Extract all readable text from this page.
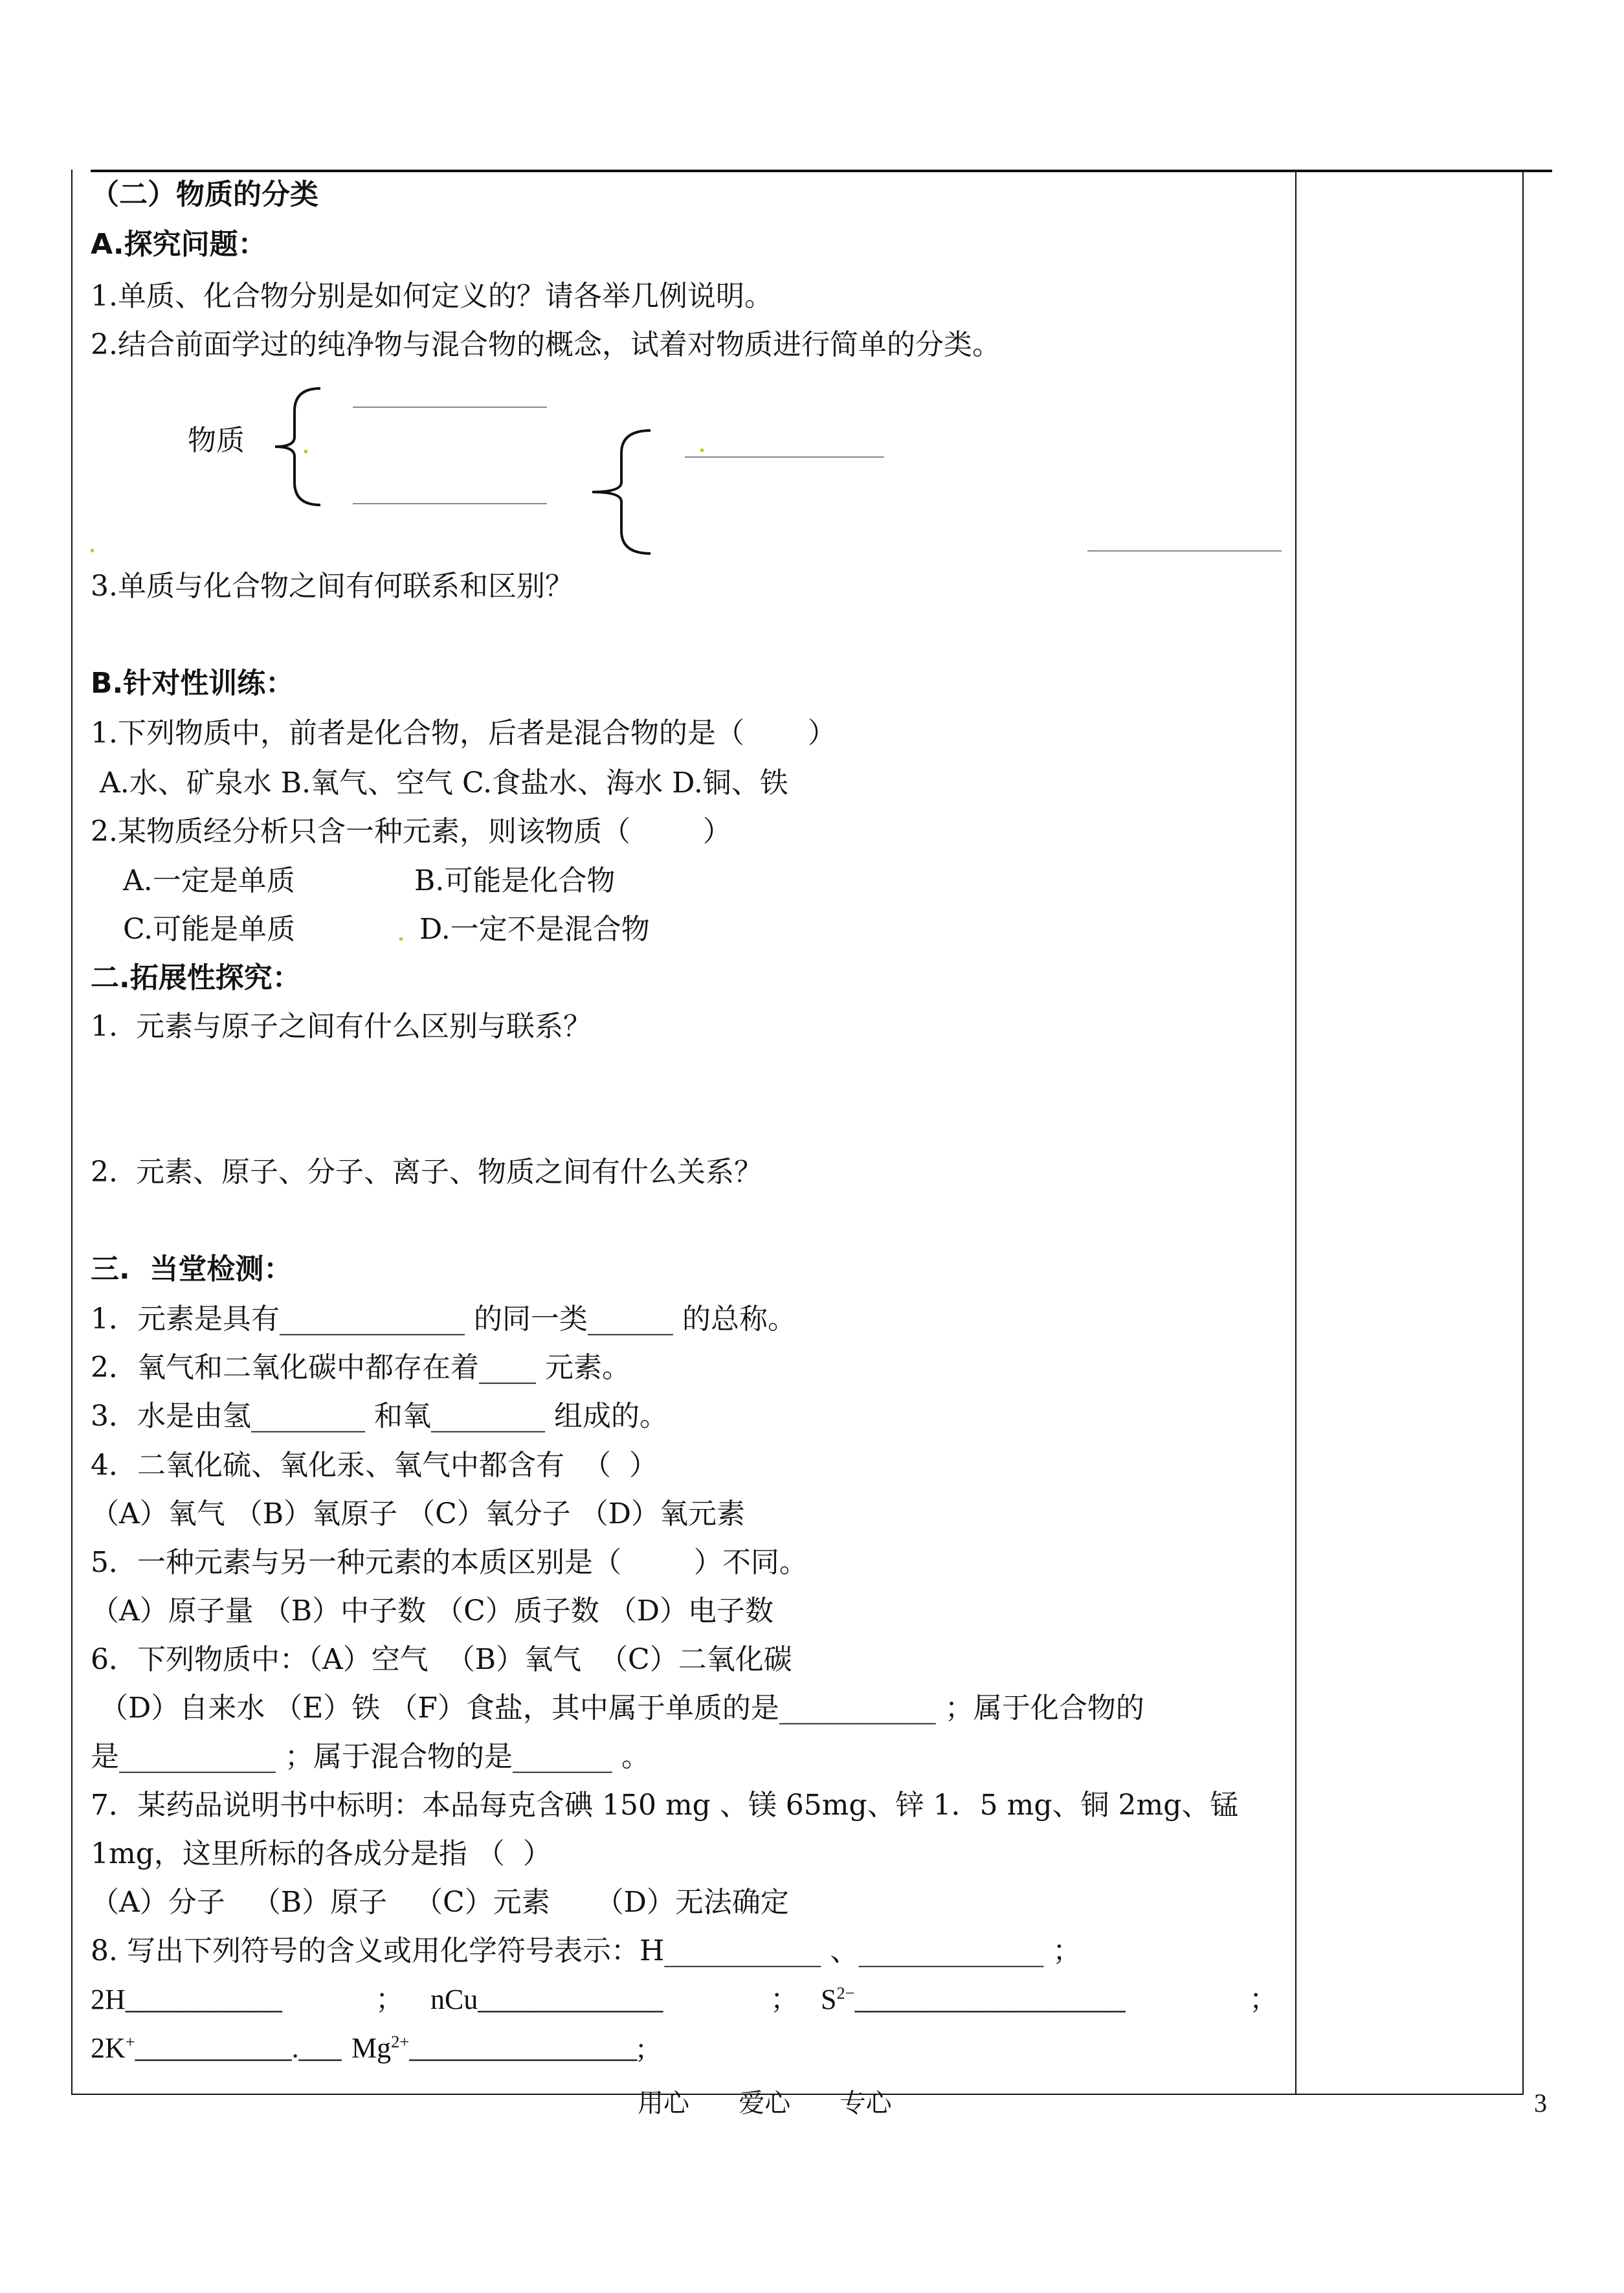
（二）物质的分类
A.探究问题：
1.单质、化合物分别是如何定义的？请各举几例说明。
2.结合前面学过的纯净物与混合物的概念，试着对物质进行简单的分类。
物质
3.单质与化合物之间有何联系和区别？
B.针对性训练：
1.下列物质中，前者是化合物，后者是混合物的是（       ）
A.水、矿泉水 B.氧气、空气 C.食盐水、海水 D.铜、铁
2.某物质经分析只含一种元素，则该物质（        ）
A.一定是单质	B.可能是化合物
C.可能是单质	D.一定不是混合物
二.拓展性探究：
1.  元素与原子之间有什么区别与联系？
2.  元素、原子、分子、离子、物质之间有什么关系？
三.  当堂检测：
1．元素是具有_____________ 的同一类______ 的总称。
2．氧气和二氧化碳中都存在着____ 元素。
3．水是由氢________ 和氧________ 组成的。
4．二氧化硫、氧化汞、氧气中都含有  （  ）
（A）氧气 （B）氧原子 （C）氧分子 （D）氧元素
5．一种元素与另一种元素的本质区别是（        ）不同。
（A）原子量 （B）中子数 （C）质子数 （D）电子数
6．下列物质中：（A）空气  （B）氧气  （C）二氧化碳
（D）自来水 （E）铁 （F）食盐，其中属于单质的是___________ ；属于化合物的
是___________ ；属于混合物的是_______ 。
7．某药品说明书中标明：本品每克含碘 150 mg 、镁 65mg、锌 1．5 mg、铜 2mg、锰
1mg，这里所标的各成分是指 （  ）
（A）分子   （B）原子   （C）元素     （D）无法确定
8. 写出下列符号的含义或用化学符号表示：H___________ 、_____________ ；
2H___________	； nCu_____________	； $S^{2-}\_\_\_\_\_\_\_\_\_\_\_\_\_\_\_\_\_\_\_$	；
2K+___________.___ $Mg^{2+}\_\_\_\_\_\_\_\_\_\_\_\_\_\_\_\_$;
用心      爱心      专心	3
